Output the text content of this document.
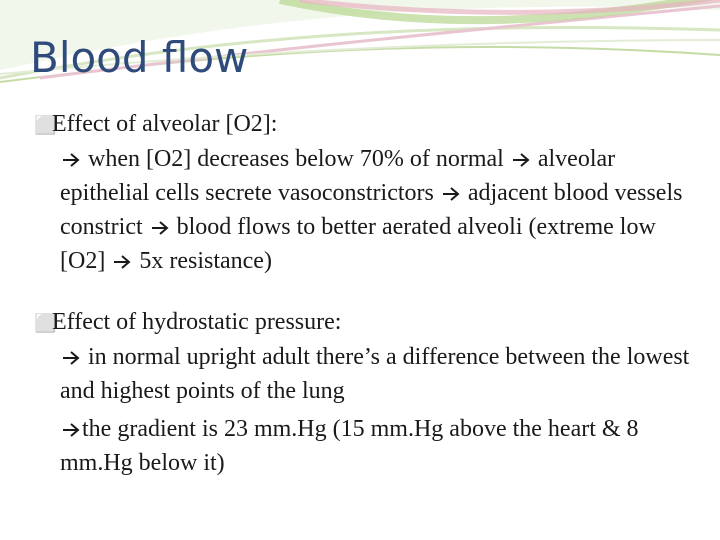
Blood flow

⬜Effect of alveolar [O2]:

when [O2] decreases below 70% of normal alveolar epithelial cells secrete vasoconstrictors adjacent blood vessels constrict blood flows to better aerated alveoli (extreme low [O2] 5x resistance)

⬜Effect of hydrostatic pressure:

in normal upright adult there’s a difference between the lowest and highest points of the lung

the gradient is 23 mm.Hg (15 mm.Hg above the heart & 8 mm.Hg below it)
